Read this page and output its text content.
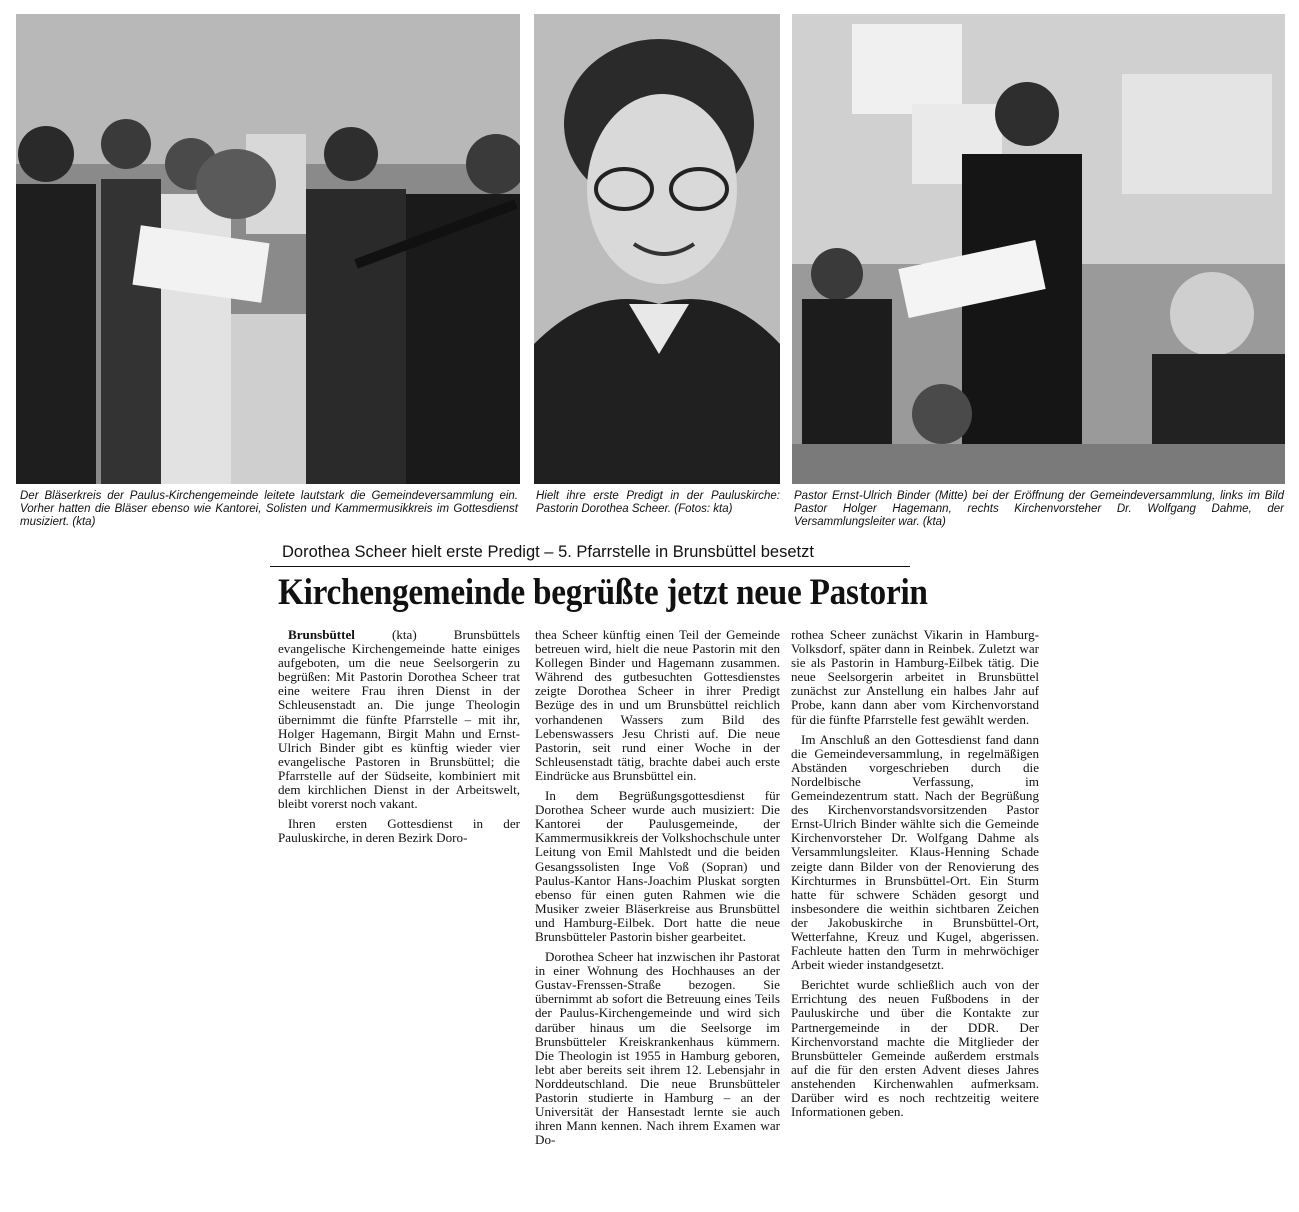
Der Bläserkreis der Paulus-Kirchengemeinde leitete lautstark die Gemeindeversammlung ein. Vorher hatten die Bläser ebenso wie Kantorei, Solisten und Kammermusikkreis im Gottesdienst musiziert. (kta)

Hielt ihre erste Predigt in der Pauluskirche: Pastorin Dorothea Scheer. (Fotos: kta)

Pastor Ernst-Ulrich Binder (Mitte) bei der Eröffnung der Gemeindeversammlung, links im Bild Pastor Holger Hagemann, rechts Kirchenvorsteher Dr. Wolfgang Dahme, der Versammlungsleiter war. (kta)

Dorothea Scheer hielt erste Predigt – 5. Pfarrstelle in Brunsbüttel besetzt

Kirchengemeinde begrüßte jetzt neue Pastorin

Brunsbüttel	(kta) Brunsbüttels evangelische Kirchengemeinde hatte einiges aufgeboten, um die neue Seelsorgerin zu begrüßen: Mit Pastorin Dorothea Scheer trat eine weitere Frau ihren Dienst in der Schleusenstadt an. Die junge Theologin übernimmt die fünfte Pfarrstelle – mit ihr, Holger Hagemann, Birgit Mahn und Ernst-Ulrich Binder gibt es künftig wieder vier evangelische Pastoren in Brunsbüttel; die Pfarrstelle auf der Südseite, kombiniert mit dem kirchlichen Dienst in der Arbeitswelt, bleibt vorerst noch vakant.

Ihren ersten Gottesdienst in der Pauluskirche, in deren Bezirk Doro-

thea Scheer künftig einen Teil der Gemeinde betreuen wird, hielt die neue Pastorin mit den Kollegen Binder und Hagemann zusammen. Während des gutbesuchten Gottesdienstes zeigte Dorothea Scheer in ihrer Predigt Bezüge des in und um Brunsbüttel reichlich vorhandenen Wassers zum Bild des Lebenswassers Jesu Christi auf. Die neue Pastorin, seit rund einer Woche in der Schleusenstadt tätig, brachte dabei auch erste Eindrücke aus Brunsbüttel ein.

In dem Begrüßungsgottesdienst für Dorothea Scheer wurde auch musiziert: Die Kantorei der Paulusgemeinde, der Kammermusikkreis der Volkshochschule unter Leitung von Emil Mahlstedt und die beiden Gesangssolisten Inge Voß (Sopran) und Paulus-Kantor Hans-Joachim Pluskat sorgten ebenso für einen guten Rahmen wie die Musiker zweier Bläserkreise aus Brunsbüttel und Hamburg-Eilbek. Dort hatte die neue Brunsbütteler Pastorin bisher gearbeitet.

Dorothea Scheer hat inzwischen ihr Pastorat in einer Wohnung des Hochhauses an der Gustav-Frenssen-Straße bezogen. Sie übernimmt ab sofort die Betreuung eines Teils der Paulus-Kirchengemeinde und wird sich darüber hinaus um die Seelsorge im Brunsbütteler Kreiskrankenhaus kümmern. Die Theologin ist 1955 in Hamburg geboren, lebt aber bereits seit ihrem 12. Lebensjahr in Norddeutschland. Die neue Brunsbütteler Pastorin studierte in Hamburg – an der Universität der Hansestadt lernte sie auch ihren Mann kennen. Nach ihrem Examen war Do-

rothea Scheer zunächst Vikarin in Hamburg-Volksdorf, später dann in Reinbek. Zuletzt war sie als Pastorin in Hamburg-Eilbek tätig. Die neue Seelsorgerin arbeitet in Brunsbüttel zunächst zur Anstellung ein halbes Jahr auf Probe, kann dann aber vom Kirchenvorstand für die fünfte Pfarrstelle fest gewählt werden.

Im Anschluß an den Gottesdienst fand dann die Gemeindeversammlung, in regelmäßigen Abständen vorgeschrieben durch die Nordelbische Verfassung, im Gemeindezentrum statt. Nach der Begrüßung des Kirchenvorstandsvorsitzenden Pastor Ernst-Ulrich Binder wählte sich die Gemeinde Kirchenvorsteher Dr. Wolfgang Dahme als Versammlungsleiter. Klaus-Henning Schade zeigte dann Bilder von der Renovierung des Kirchturmes in Brunsbüttel-Ort. Ein Sturm hatte für schwere Schäden gesorgt und insbesondere die weithin sichtbaren Zeichen der Jakobuskirche in Brunsbüttel-Ort, Wetterfahne, Kreuz und Kugel, abgerissen. Fachleute hatten den Turm in mehrwöchiger Arbeit wieder instandgesetzt.

Berichtet wurde schließlich auch von der Errichtung des neuen Fußbodens in der Pauluskirche und über die Kontakte zur Partnergemeinde in der DDR. Der Kirchenvorstand machte die Mitglieder der Brunsbütteler Gemeinde außerdem erstmals auf die für den ersten Advent dieses Jahres anstehenden Kirchenwahlen aufmerksam. Darüber wird es noch rechtzeitig weitere Informationen geben.
